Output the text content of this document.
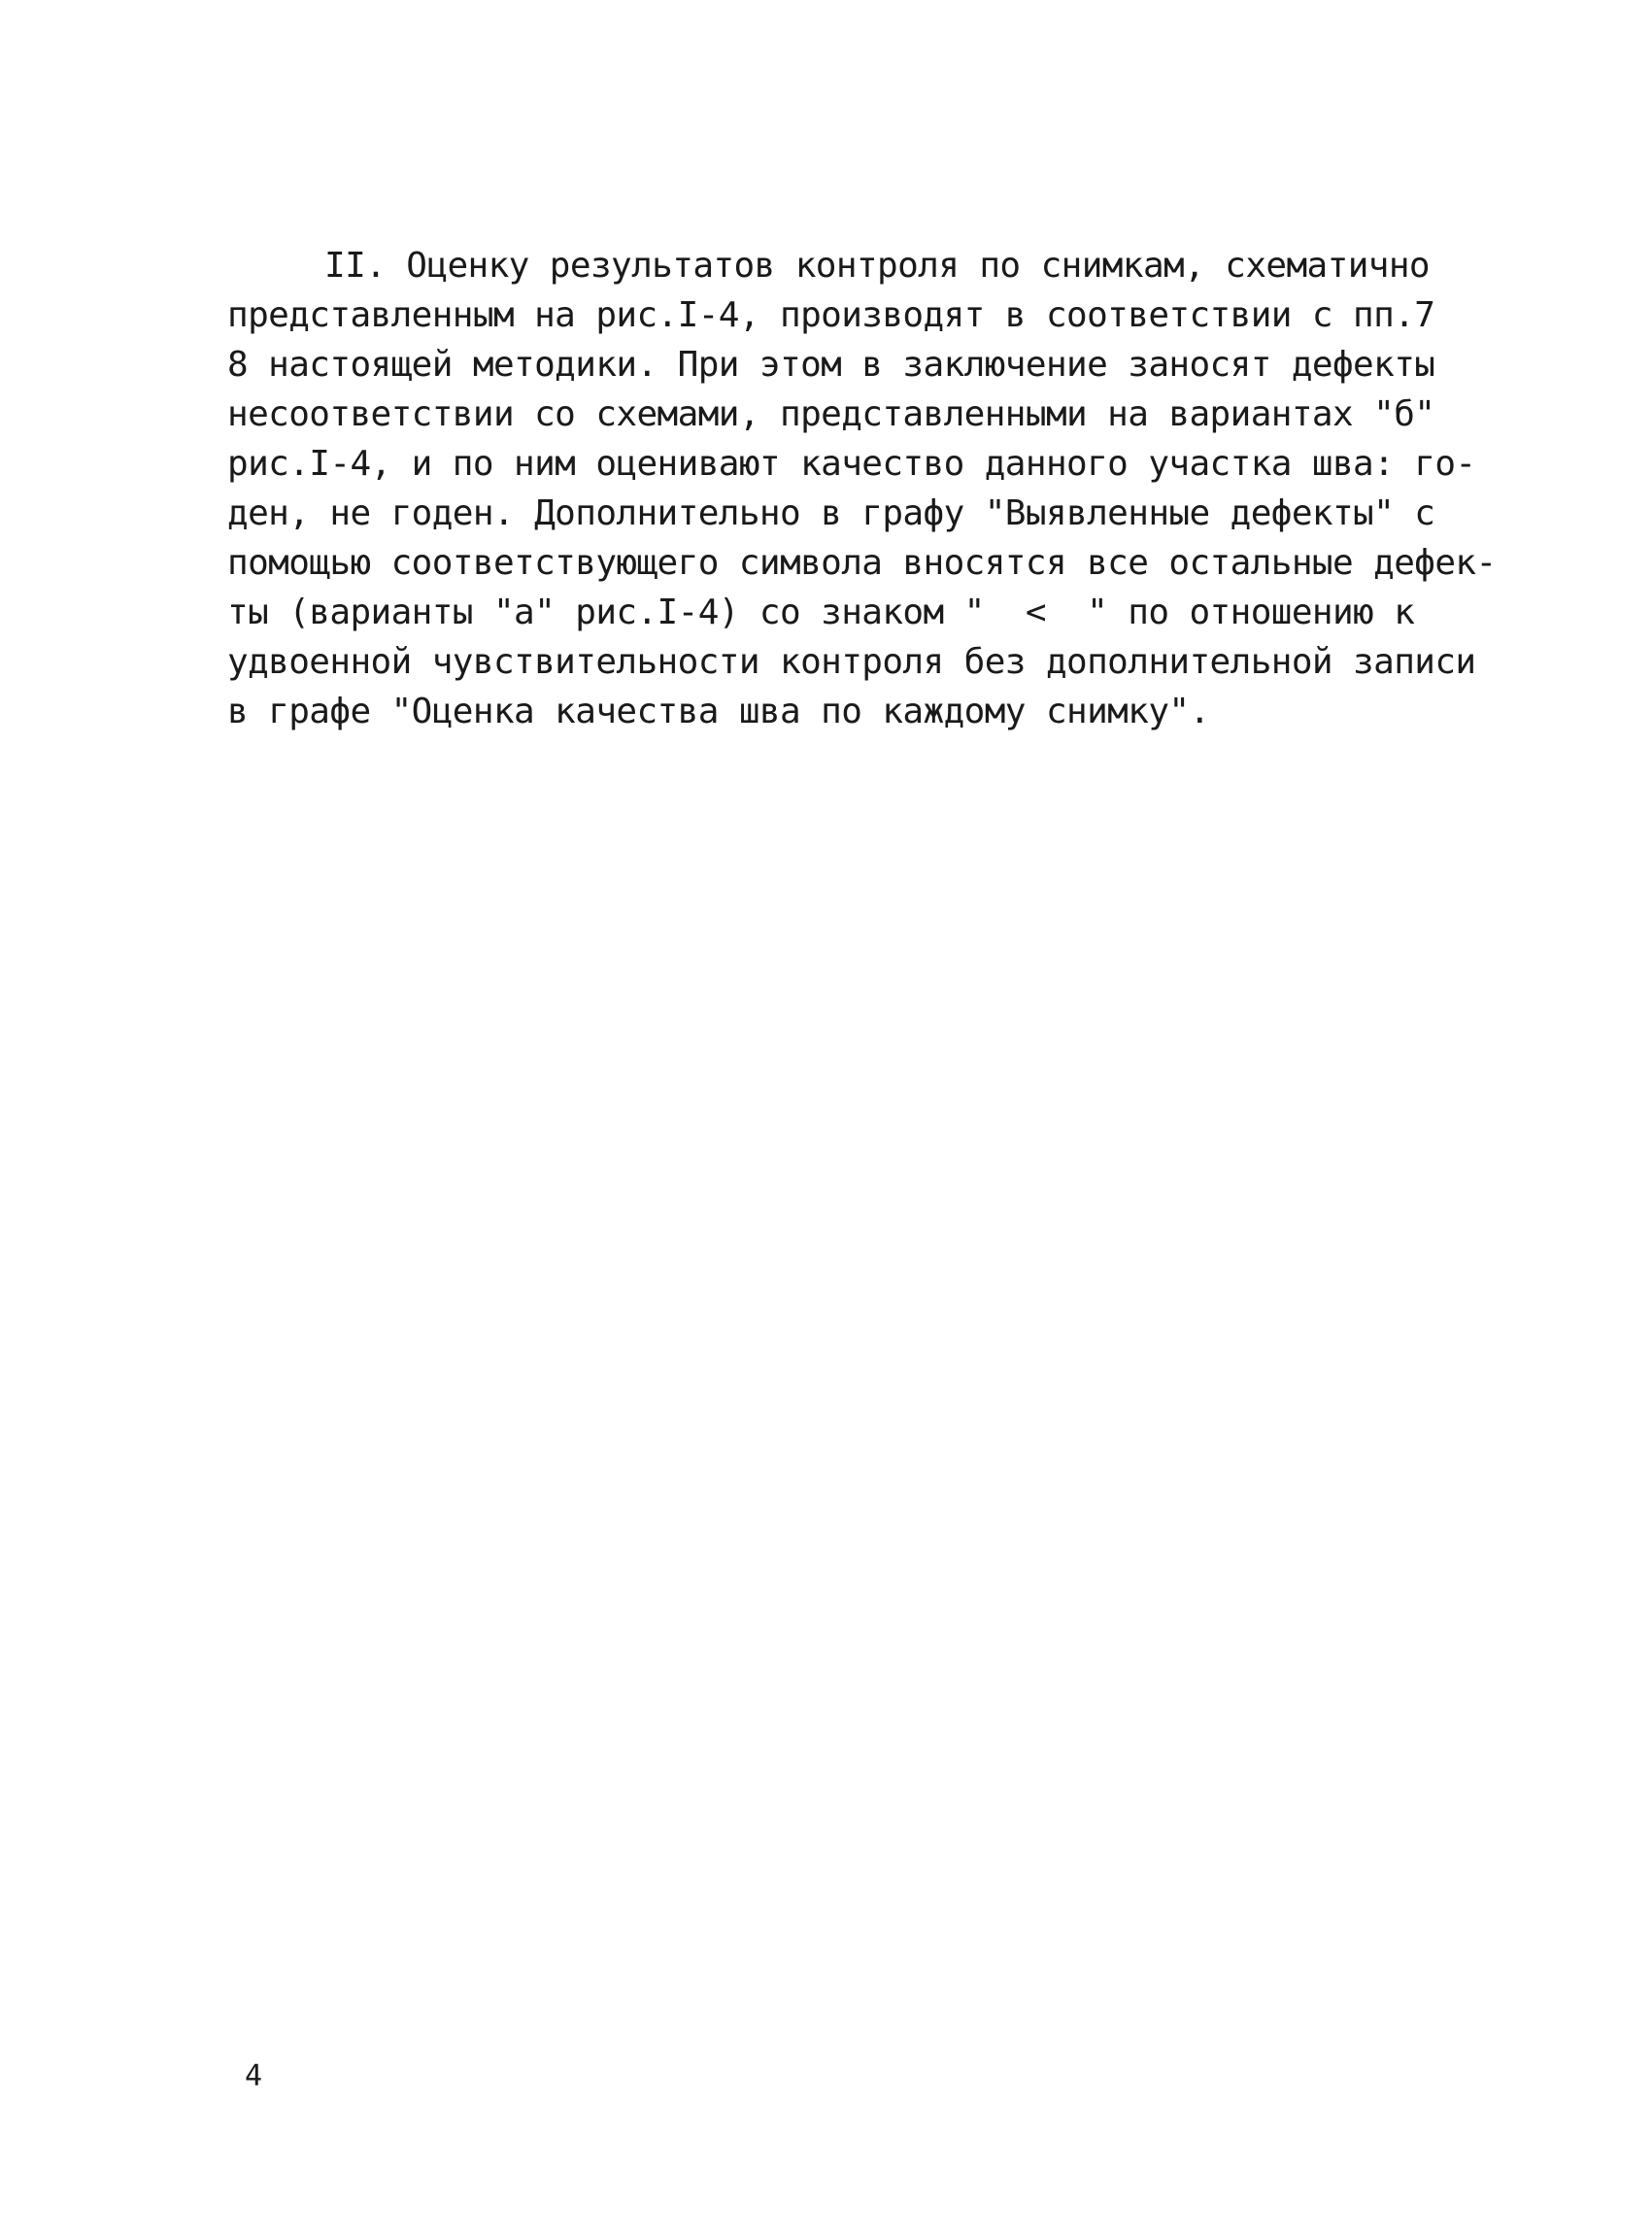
II. Оценку результатов контроля по снимкам, схематично
представленным на рис.I-4, производят в соответствии с пп.7
8 настоящей методики. При этом в заключение заносят дефекты
несоответствии со схемами, представленными на вариантах "б"
рис.I-4, и по ним оценивают качество данного участка шва: го-
ден, не годен. Дополнительно в графу "Выявленные дефекты" с
помощью соответствующего символа вносятся все остальные дефек-
ты (варианты "а" рис.I-4) со знаком "  <  " по отношению к
удвоенной чувствительности контроля без дополнительной записи
в графе "Оценка качества шва по каждому снимку".
4
